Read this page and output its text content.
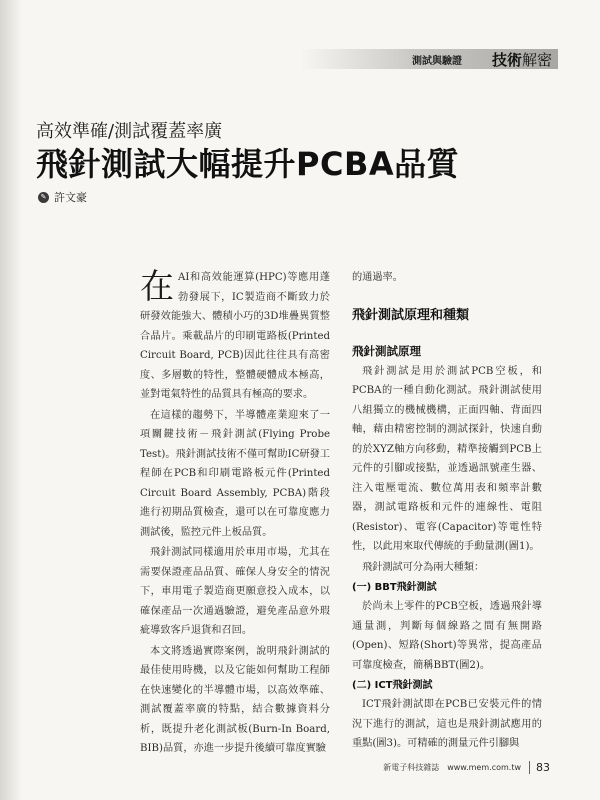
測試與驗證 技術解密
高效準確/測試覆蓋率廣
飛針測試大幅提升PCBA品質
✎ 許文豪

在AI和高效能運算(HPC)等應用蓬勃發展下，IC製造商不斷致力於研發效能強大、體積小巧的3D堆疊異質整合晶片。乘載晶片的印刷電路板(Printed Circuit Board, PCB)因此往往具有高密度、多層數的特性，整體硬體成本極高，並對電氣特性的品質具有極高的要求。

在這樣的趨勢下，半導體產業迎來了一項關鍵技術－飛針測試(Flying Probe Test)。飛針測試技術不僅可幫助IC研發工程師在PCB和印刷電路板元件(Printed Circuit Board Assembly, PCBA)階段進行初期品質檢查，還可以在可靠度應力測試後，監控元件上板品質。

飛針測試同樣適用於車用市場，尤其在需要保證產品品質、確保人身安全的情況下，車用電子製造商更願意投入成本，以確保產品一次通過驗證，避免產品意外瑕疵導致客戶退貨和召回。

本文將透過實際案例，說明飛針測試的最佳使用時機，以及它能如何幫助工程師在快速變化的半導體市場，以高效準確、測試覆蓋率廣的特點，結合數據資料分析，既提升老化測試板(Burn-In Board, BIB)品質，亦進一步提升後續可靠度實驗

的通過率。

飛針測試原理和種類
飛針測試原理

飛針測試是用於測試PCB空板，和PCBA的一種自動化測試。飛針測試使用八組獨立的機械機構，正面四軸、背面四軸，藉由精密控制的測試探針，快速自動的於XYZ軸方向移動，精準接觸到PCB上元件的引腳或接點，並透過訊號產生器、注入電壓電流、數位萬用表和頻率計數器，測試電路板和元件的連線性、電阻(Resistor)、電容(Capacitor)等電性特性，以此用來取代傳統的手動量測(圖1)。

飛針測試可分為兩大種類：

(一) BBT飛針測試

於尚未上零件的PCB空板，透過飛針導通量測，判斷每個線路之間有無開路(Open)、短路(Short)等異常，提高產品可靠度檢查，簡稱BBT(圖2)。

(二) ICT飛針測試

ICT飛針測試即在PCB已安裝元件的情況下進行的測試，這也是飛針測試應用的重點(圖3)。可精確的測量元件引腳與

新電子科技雜誌 www.mem.com.tw	83
